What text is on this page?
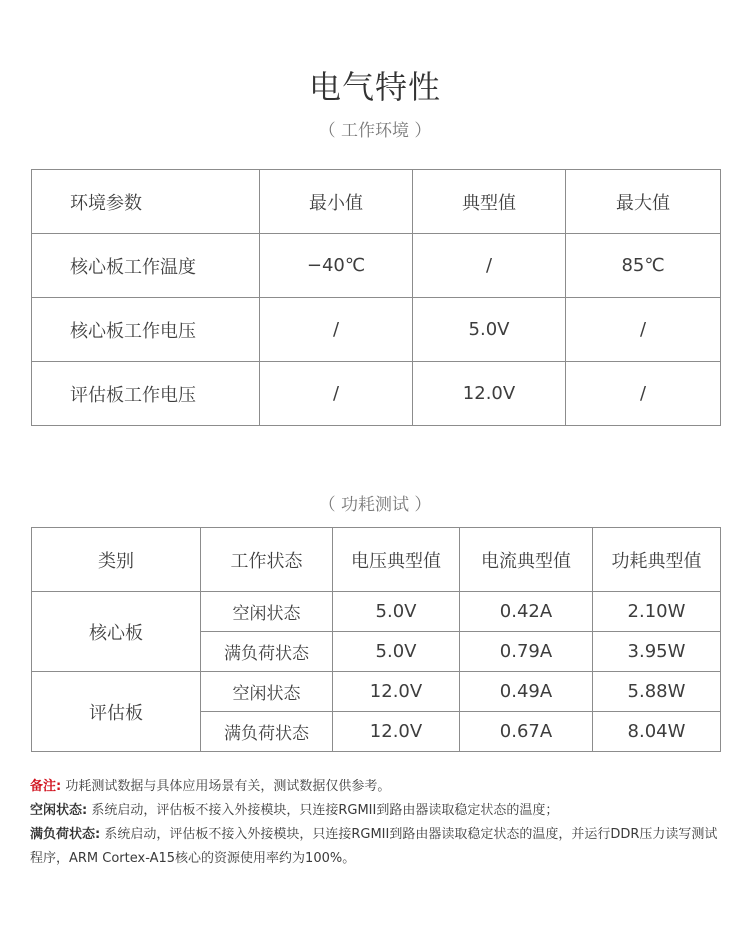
电气特性
（ 工作环境 ）
环境参数	最小值	典型值	最大值
核心板工作温度	−40℃	/	85℃
核心板工作电压	/	5.0V	/
评估板工作电压	/	12.0V	/
（ 功耗测试 ）
类别	工作状态	电压典型值	电流典型值	功耗典型值
核心板	空闲状态	5.0V	0.42A	2.10W
	满负荷状态	5.0V	0.79A	3.95W
评估板	空闲状态	12.0V	0.49A	5.88W
	满负荷状态	12.0V	0.67A	8.04W

备注: 功耗测试数据与具体应用场景有关，测试数据仅供参考。

空闲状态: 系统启动，评估板不接入外接模块，只连接RGMII到路由器读取稳定状态的温度；

满负荷状态: 系统启动，评估板不接入外接模块，只连接RGMII到路由器读取稳定状态的温度，并运行DDR压力读写测试程序，ARM Cortex-A15核心的资源使用率约为100%。
